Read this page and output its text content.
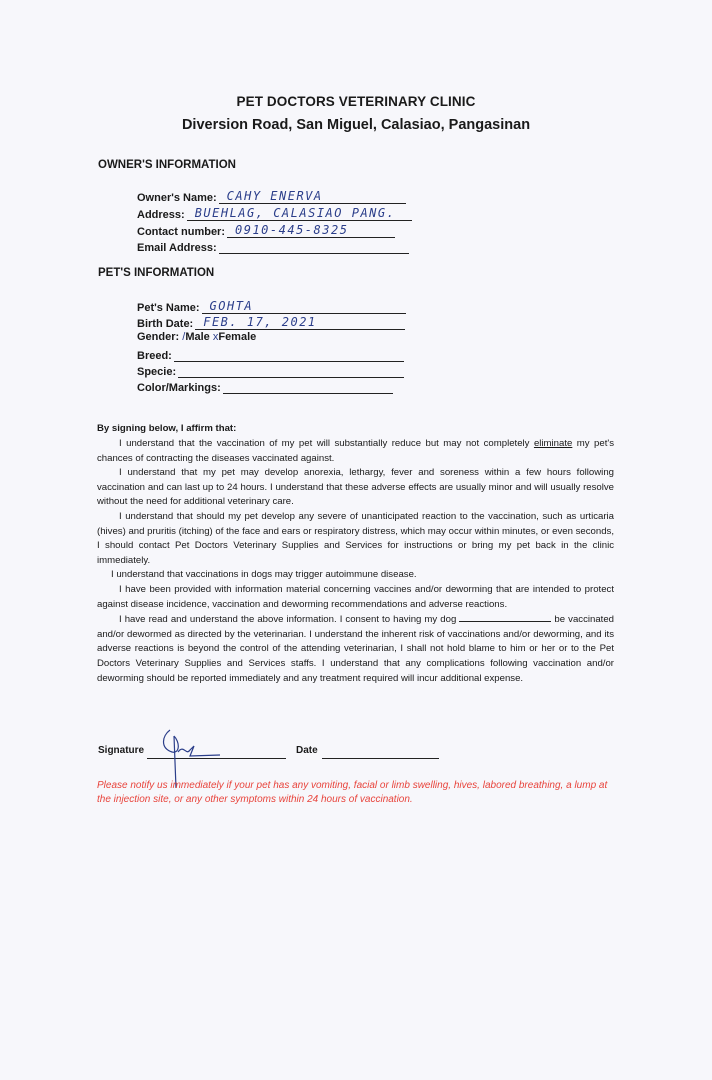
PET DOCTORS VETERINARY CLINIC
Diversion Road, San Miguel, Calasiao, Pangasinan
OWNER'S INFORMATION
Owner's Name: CAHY ENERVA
Address: BUEHLAG, CALASIAO PANG.
Contact number: 0910-445-8325
Email Address:
PET'S INFORMATION
Pet's Name: GOHTA
Birth Date: FEB. 17, 2021
Gender: /Male xFemale
Breed:
Specie:
Color/Markings:
By signing below, I affirm that:

I understand that the vaccination of my pet will substantially reduce but may not completely eliminate my pet's chances of contracting the diseases vaccinated against.

I understand that my pet may develop anorexia, lethargy, fever and soreness within a few hours following vaccination and can last up to 24 hours. I understand that these adverse effects are usually minor and will usually resolve without the need for additional veterinary care.

I understand that should my pet develop any severe of unanticipated reaction to the vaccination, such as urticaria (hives) and pruritis (itching) of the face and ears or respiratory distress, which may occur within minutes, or even seconds, I should contact Pet Doctors Veterinary Supplies and Services for instructions or bring my pet back in the clinic immediately.

I understand that vaccinations in dogs may trigger autoimmune disease.

I have been provided with information material concerning vaccines and/or deworming that are intended to protect against disease incidence, vaccination and deworming recommendations and adverse reactions.

I have read and understand the above information. I consent to having my dog	be vaccinated and/or dewormed as directed by the veterinarian. I understand the inherent risk of vaccinations and/or deworming, and its adverse reactions is beyond the control of the attending veterinarian, I shall not hold blame to him or her or to the Pet Doctors Veterinary Supplies and Services staffs. I understand that any complications following vaccination and/or deworming should be reported immediately and any treatment required will incur additional expense.

Signature	Date
Please notify us immediately if your pet has any vomiting, facial or limb swelling, hives, labored breathing, a lump at the injection site, or any other symptoms within 24 hours of vaccination.
